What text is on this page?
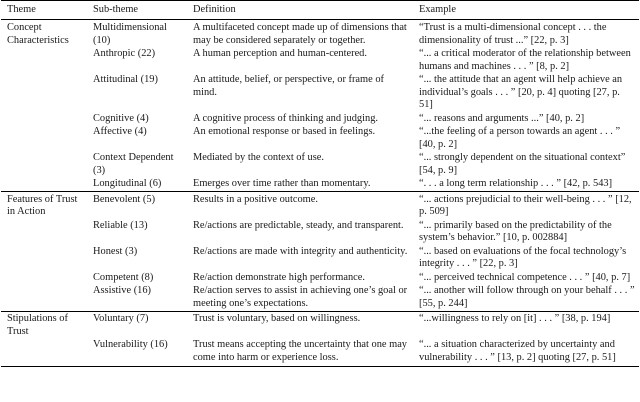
Theme	Sub-theme	Definition	Example
Concept Characteristics	Multidimensional (10)	A multifaceted concept made up of dimensions that may be considered separately or together.	“Trust is a multi-dimensional concept . . . the dimensionality of trust ...” [22, p. 3]
	Anthropic (22)	A human perception and human-centered.	“... a critical moderator of the relationship between humans and machines . . . ” [8, p. 2]
	Attitudinal (19)	An attitude, belief, or perspective, or frame of mind.	“... the attitude that an agent will help achieve an individual’s goals . . . ” [20, p. 4] quoting [27, p. 51]
	Cognitive (4)	A cognitive process of thinking and judging.	“... reasons and arguments ...” [40, p. 2]
	Affective (4)	An emotional response or based in feelings.	“...the feeling of a person towards an agent . . . ” [40, p. 2]
	Context Dependent (3)	Mediated by the context of use.	“... strongly dependent on the situational context” [54, p. 9]
	Longitudinal (6)	Emerges over time rather than momentary.	“. . . a long term relationship . . . ” [42, p. 543]
Features of Trust in Action	Benevolent (5)	Results in a positive outcome.	“... actions prejudicial to their well-being . . . ” [12, p. 509]
	Reliable (13)	Re/actions are predictable, steady, and transparent.	“... primarily based on the predictability of the system’s behavior.” [10, p. 002884]
	Honest (3)	Re/actions are made with integrity and authenticity.	“... based on evaluations of the focal technology’s integrity . . . ” [22, p. 3]
	Competent (8)	Re/action demonstrate high performance.	“... perceived technical competence . . . ” [40, p. 7]
	Assistive (16)	Re/action serves to assist in achieving one’s goal or meeting one’s expectations.	“... another will follow through on your behalf . . . ” [55, p. 244]
Stipulations of Trust	Voluntary (7)	Trust is voluntary, based on willingness.	“...willingness to rely on [it] . . . ” [38, p. 194]
	Vulnerability (16)	Trust means accepting the uncertainty that one may come into harm or experience loss.	“... a situation characterized by uncertainty and vulnerability . . . ” [13, p. 2] quoting [27, p. 51]
